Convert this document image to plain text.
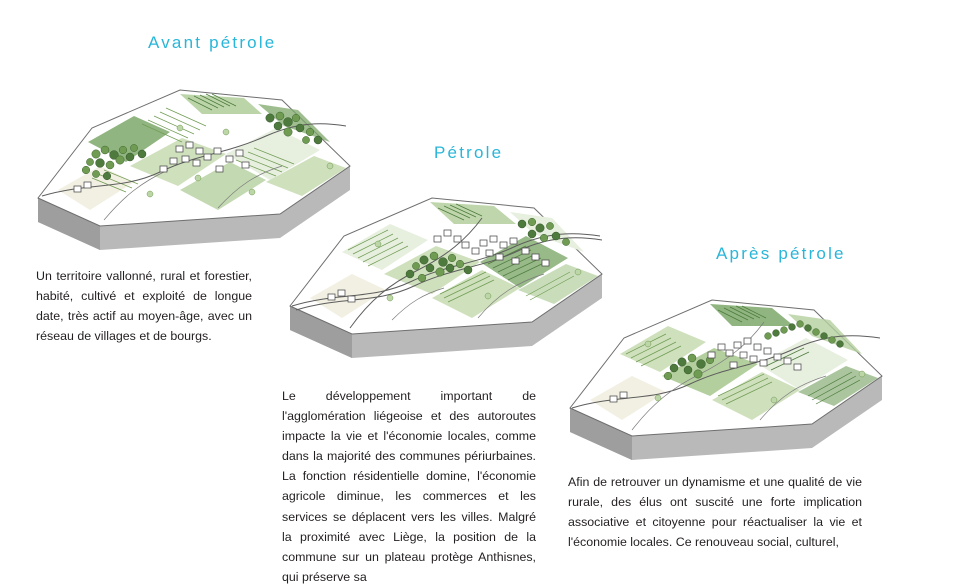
Avant pétrole
Un territoire vallonné, rural et forestier, habité, cultivé et exploité de longue date, très actif au moyen-âge, avec un réseau de villages et de bourgs.
Pétrole
Le développement important de l'agglomération liégeoise et des autoroutes impacte la vie et l'économie locales, comme dans la majorité des communes périurbaines. La fonction résidentielle domine, l'économie agricole diminue, les commerces et les services se déplacent vers les villes. Malgré la proximité avec Liège, la position de la commune sur un plateau protège Anthisnes, qui préserve sa
Après pétrole
Afin de retrouver un dynamisme et une qualité de vie rurale, des élus ont suscité une forte implication associative et citoyenne pour réactualiser la vie et l'économie locales. Ce renouveau social, culturel,
